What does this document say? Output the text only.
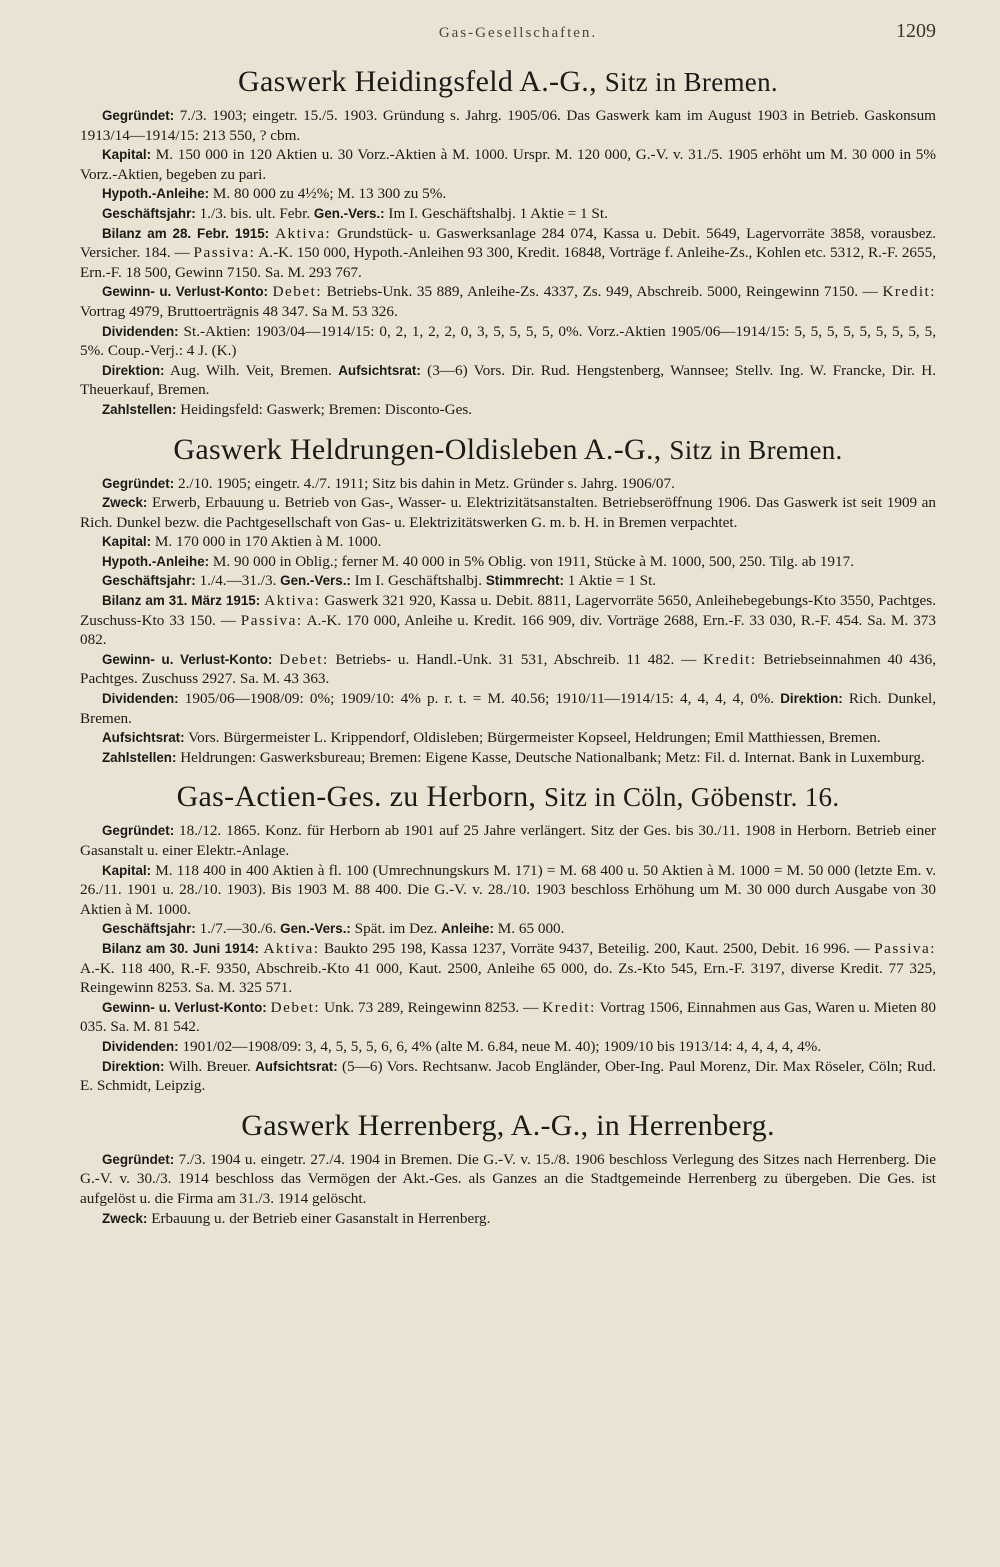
Gas-Gesellschaften.	1209
Gaswerk Heidingsfeld A.-G., Sitz in Bremen.

Gegründet: 7./3. 1903; eingetr. 15./5. 1903. Gründung s. Jahrg. 1905/06. Das Gaswerk kam im August 1903 in Betrieb. Gaskonsum 1913/14—1914/15: 213 550, ? cbm.

Kapital: M. 150 000 in 120 Aktien u. 30 Vorz.-Aktien à M. 1000. Urspr. M. 120 000, G.-V. v. 31./5. 1905 erhöht um M. 30 000 in 5% Vorz.-Aktien, begeben zu pari.

Hypoth.-Anleihe: M. 80 000 zu 4½%; M. 13 300 zu 5%.

Geschäftsjahr: 1./3. bis. ult. Febr. Gen.-Vers.: Im I. Geschäftshalbj. 1 Aktie = 1 St.

Bilanz am 28. Febr. 1915: Aktiva: Grundstück- u. Gaswerksanlage 284 074, Kassa u. Debit. 5649, Lagervorräte 3858, vorausbez. Versicher. 184. — Passiva: A.-K. 150 000, Hypoth.-Anleihen 93 300, Kredit. 16848, Vorträge f. Anleihe-Zs., Kohlen etc. 5312, R.-F. 2655, Ern.-F. 18 500, Gewinn 7150. Sa. M. 293 767.

Gewinn- u. Verlust-Konto: Debet: Betriebs-Unk. 35 889, Anleihe-Zs. 4337, Zs. 949, Abschreib. 5000, Reingewinn 7150. — Kredit: Vortrag 4979, Bruttoerträgnis 48 347. Sa M. 53 326.

Dividenden: St.-Aktien: 1903/04—1914/15: 0, 2, 1, 2, 2, 0, 3, 5, 5, 5, 5, 0%. Vorz.-Aktien 1905/06—1914/15: 5, 5, 5, 5, 5, 5, 5, 5, 5, 5%. Coup.-Verj.: 4 J. (K.)

Direktion: Aug. Wilh. Veit, Bremen. Aufsichtsrat: (3—6) Vors. Dir. Rud. Hengstenberg, Wannsee; Stellv. Ing. W. Francke, Dir. H. Theuerkauf, Bremen.

Zahlstellen: Heidingsfeld: Gaswerk; Bremen: Disconto-Ges.

Gaswerk Heldrungen-Oldisleben A.-G., Sitz in Bremen.

Gegründet: 2./10. 1905; eingetr. 4./7. 1911; Sitz bis dahin in Metz. Gründer s. Jahrg. 1906/07.

Zweck: Erwerb, Erbauung u. Betrieb von Gas-, Wasser- u. Elektrizitätsanstalten. Betriebseröffnung 1906. Das Gaswerk ist seit 1909 an Rich. Dunkel bezw. die Pachtgesellschaft von Gas- u. Elektrizitätswerken G. m. b. H. in Bremen verpachtet.

Kapital: M. 170 000 in 170 Aktien à M. 1000.

Hypoth.-Anleihe: M. 90 000 in Oblig.; ferner M. 40 000 in 5% Oblig. von 1911, Stücke à M. 1000, 500, 250. Tilg. ab 1917.

Geschäftsjahr: 1./4.—31./3. Gen.-Vers.: Im I. Geschäftshalbj. Stimmrecht: 1 Aktie = 1 St.

Bilanz am 31. März 1915: Aktiva: Gaswerk 321 920, Kassa u. Debit. 8811, Lagervorräte 5650, Anleihebegebungs-Kto 3550, Pachtges. Zuschuss-Kto 33 150. — Passiva: A.-K. 170 000, Anleihe u. Kredit. 166 909, div. Vorträge 2688, Ern.-F. 33 030, R.-F. 454. Sa. M. 373 082.

Gewinn- u. Verlust-Konto: Debet: Betriebs- u. Handl.-Unk. 31 531, Abschreib. 11 482. — Kredit: Betriebseinnahmen 40 436, Pachtges. Zuschuss 2927. Sa. M. 43 363.

Dividenden: 1905/06—1908/09: 0%; 1909/10: 4% p. r. t. = M. 40.56; 1910/11—1914/15: 4, 4, 4, 4, 0%. Direktion: Rich. Dunkel, Bremen.

Aufsichtsrat: Vors. Bürgermeister L. Krippendorf, Oldisleben; Bürgermeister Kopseel, Heldrungen; Emil Matthiessen, Bremen.

Zahlstellen: Heldrungen: Gaswerksbureau; Bremen: Eigene Kasse, Deutsche Nationalbank; Metz: Fil. d. Internat. Bank in Luxemburg.

Gas-Actien-Ges. zu Herborn, Sitz in Cöln, Göbenstr. 16.

Gegründet: 18./12. 1865. Konz. für Herborn ab 1901 auf 25 Jahre verlängert. Sitz der Ges. bis 30./11. 1908 in Herborn. Betrieb einer Gasanstalt u. einer Elektr.-Anlage.

Kapital: M. 118 400 in 400 Aktien à fl. 100 (Umrechnungskurs M. 171) = M. 68 400 u. 50 Aktien à M. 1000 = M. 50 000 (letzte Em. v. 26./11. 1901 u. 28./10. 1903). Bis 1903 M. 88 400. Die G.-V. v. 28./10. 1903 beschloss Erhöhung um M. 30 000 durch Ausgabe von 30 Aktien à M. 1000.

Geschäftsjahr: 1./7.—30./6. Gen.-Vers.: Spät. im Dez. Anleihe: M. 65 000.

Bilanz am 30. Juni 1914: Aktiva: Baukto 295 198, Kassa 1237, Vorräte 9437, Beteilig. 200, Kaut. 2500, Debit. 16 996. — Passiva: A.-K. 118 400, R.-F. 9350, Abschreib.-Kto 41 000, Kaut. 2500, Anleihe 65 000, do. Zs.-Kto 545, Ern.-F. 3197, diverse Kredit. 77 325, Reingewinn 8253. Sa. M. 325 571.

Gewinn- u. Verlust-Konto: Debet: Unk. 73 289, Reingewinn 8253. — Kredit: Vortrag 1506, Einnahmen aus Gas, Waren u. Mieten 80 035. Sa. M. 81 542.

Dividenden: 1901/02—1908/09: 3, 4, 5, 5, 5, 6, 6, 4% (alte M. 6.84, neue M. 40); 1909/10 bis 1913/14: 4, 4, 4, 4, 4%.

Direktion: Wilh. Breuer. Aufsichtsrat: (5—6) Vors. Rechtsanw. Jacob Engländer, Ober-Ing. Paul Morenz, Dir. Max Röseler, Cöln; Rud. E. Schmidt, Leipzig.

Gaswerk Herrenberg, A.-G., in Herrenberg.

Gegründet: 7./3. 1904 u. eingetr. 27./4. 1904 in Bremen. Die G.-V. v. 15./8. 1906 beschloss Verlegung des Sitzes nach Herrenberg. Die G.-V. v. 30./3. 1914 beschloss das Vermögen der Akt.-Ges. als Ganzes an die Stadtgemeinde Herrenberg zu übergeben. Die Ges. ist aufgelöst u. die Firma am 31./3. 1914 gelöscht.

Zweck: Erbauung u. der Betrieb einer Gasanstalt in Herrenberg.
